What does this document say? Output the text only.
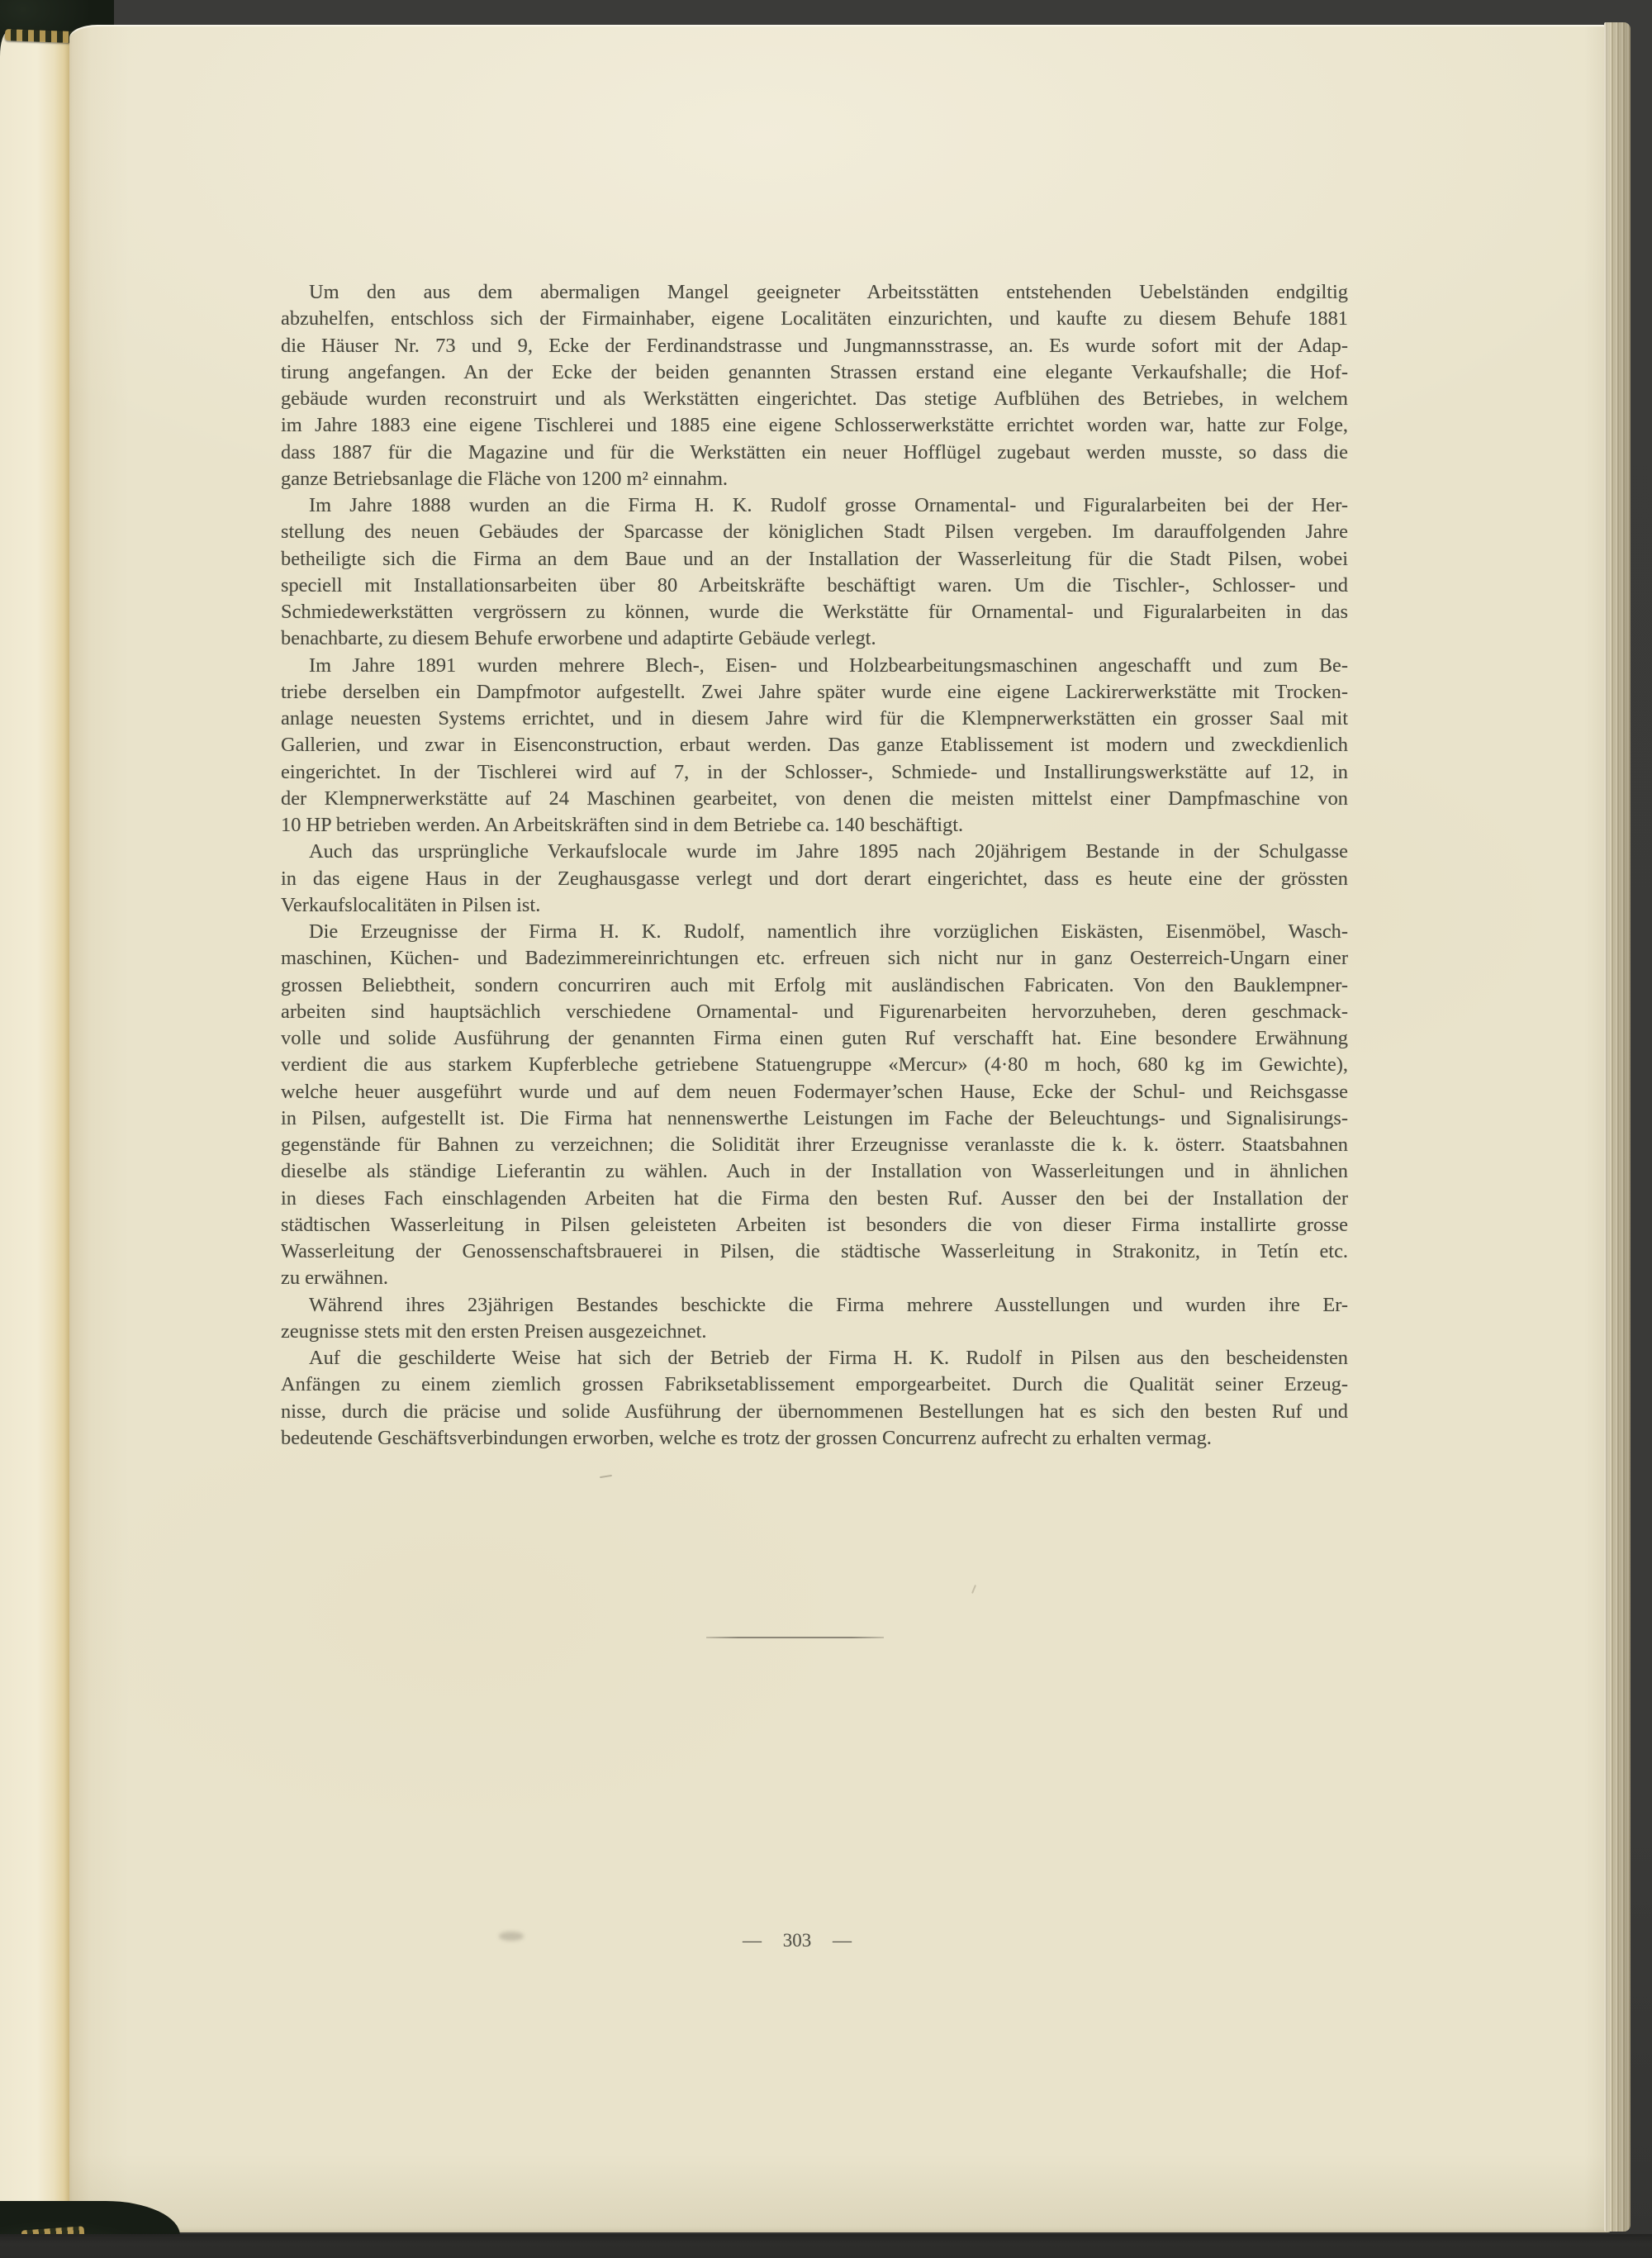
Um den aus dem abermaligen Mangel geeigneter Arbeitsstätten entstehenden Uebelständen endgiltig
abzuhelfen, entschloss sich der Firmainhaber, eigene Localitäten einzurichten, und kaufte zu diesem Behufe 1881
die Häuser Nr. 73 und 9, Ecke der Ferdinandstrasse und Jungmannsstrasse, an. Es wurde sofort mit der Adap-
tirung angefangen. An der Ecke der beiden genannten Strassen erstand eine elegante Verkaufshalle; die Hof-
gebäude wurden reconstruirt und als Werkstätten eingerichtet. Das stetige Aufblühen des Betriebes, in welchem
im Jahre 1883 eine eigene Tischlerei und 1885 eine eigene Schlosserwerkstätte errichtet worden war, hatte zur Folge,
dass 1887 für die Magazine und für die Werkstätten ein neuer Hofflügel zugebaut werden musste, so dass die
ganze Betriebsanlage die Fläche von 1200 m² einnahm.
Im Jahre 1888 wurden an die Firma H. K. Rudolf grosse Ornamental- und Figuralarbeiten bei der Her-
stellung des neuen Gebäudes der Sparcasse der königlichen Stadt Pilsen vergeben. Im darauffolgenden Jahre
betheiligte sich die Firma an dem Baue und an der Installation der Wasserleitung für die Stadt Pilsen, wobei
speciell mit Installationsarbeiten über 80 Arbeitskräfte beschäftigt waren. Um die Tischler-, Schlosser- und
Schmiedewerkstätten vergrössern zu können, wurde die Werkstätte für Ornamental- und Figuralarbeiten in das
benachbarte, zu diesem Behufe erworbene und adaptirte Gebäude verlegt.
Im Jahre 1891 wurden mehrere Blech-, Eisen- und Holzbearbeitungsmaschinen angeschafft und zum Be-
triebe derselben ein Dampfmotor aufgestellt. Zwei Jahre später wurde eine eigene Lackirerwerkstätte mit Trocken-
anlage neuesten Systems errichtet, und in diesem Jahre wird für die Klempnerwerkstätten ein grosser Saal mit
Gallerien, und zwar in Eisenconstruction, erbaut werden. Das ganze Etablissement ist modern und zweckdienlich
eingerichtet. In der Tischlerei wird auf 7, in der Schlosser-, Schmiede- und Installirungswerkstätte auf 12, in
der Klempnerwerkstätte auf 24 Maschinen gearbeitet, von denen die meisten mittelst einer Dampfmaschine von
10 HP betrieben werden. An Arbeitskräften sind in dem Betriebe ca. 140 beschäftigt.
Auch das ursprüngliche Verkaufslocale wurde im Jahre 1895 nach 20jährigem Bestande in der Schulgasse
in das eigene Haus in der Zeughausgasse verlegt und dort derart eingerichtet, dass es heute eine der grössten
Verkaufslocalitäten in Pilsen ist.
Die Erzeugnisse der Firma H. K. Rudolf, namentlich ihre vorzüglichen Eiskästen, Eisenmöbel, Wasch-
maschinen, Küchen- und Badezimmereinrichtungen etc. erfreuen sich nicht nur in ganz Oesterreich-Ungarn einer
grossen Beliebtheit, sondern concurriren auch mit Erfolg mit ausländischen Fabricaten. Von den Bauklempner-
arbeiten sind hauptsächlich verschiedene Ornamental- und Figurenarbeiten hervorzuheben, deren geschmack-
volle und solide Ausführung der genannten Firma einen guten Ruf verschafft hat. Eine besondere Erwähnung
verdient die aus starkem Kupferbleche getriebene Statuengruppe «Mercur» (4·80 m hoch, 680 kg im Gewichte),
welche heuer ausgeführt wurde und auf dem neuen Fodermayer’schen Hause, Ecke der Schul- und Reichsgasse
in Pilsen, aufgestellt ist. Die Firma hat nennenswerthe Leistungen im Fache der Beleuchtungs- und Signalisirungs-
gegenstände für Bahnen zu verzeichnen; die Solidität ihrer Erzeugnisse veranlasste die k. k. österr. Staatsbahnen
dieselbe als ständige Lieferantin zu wählen. Auch in der Installation von Wasserleitungen und in ähnlichen
in dieses Fach einschlagenden Arbeiten hat die Firma den besten Ruf. Ausser den bei der Installation der
städtischen Wasserleitung in Pilsen geleisteten Arbeiten ist besonders die von dieser Firma installirte grosse
Wasserleitung der Genossenschaftsbrauerei in Pilsen, die städtische Wasserleitung in Strakonitz, in Tetín etc.
zu erwähnen.
Während ihres 23jährigen Bestandes beschickte die Firma mehrere Ausstellungen und wurden ihre Er-
zeugnisse stets mit den ersten Preisen ausgezeichnet.
Auf die geschilderte Weise hat sich der Betrieb der Firma H. K. Rudolf in Pilsen aus den bescheidensten
Anfängen zu einem ziemlich grossen Fabriksetablissement emporgearbeitet. Durch die Qualität seiner Erzeug-
nisse, durch die präcise und solide Ausführung der übernommenen Bestellungen hat es sich den besten Ruf und
bedeutende Geschäftsverbindungen erworben, welche es trotz der grossen Concurrenz aufrecht zu erhalten vermag.
— 303 —
